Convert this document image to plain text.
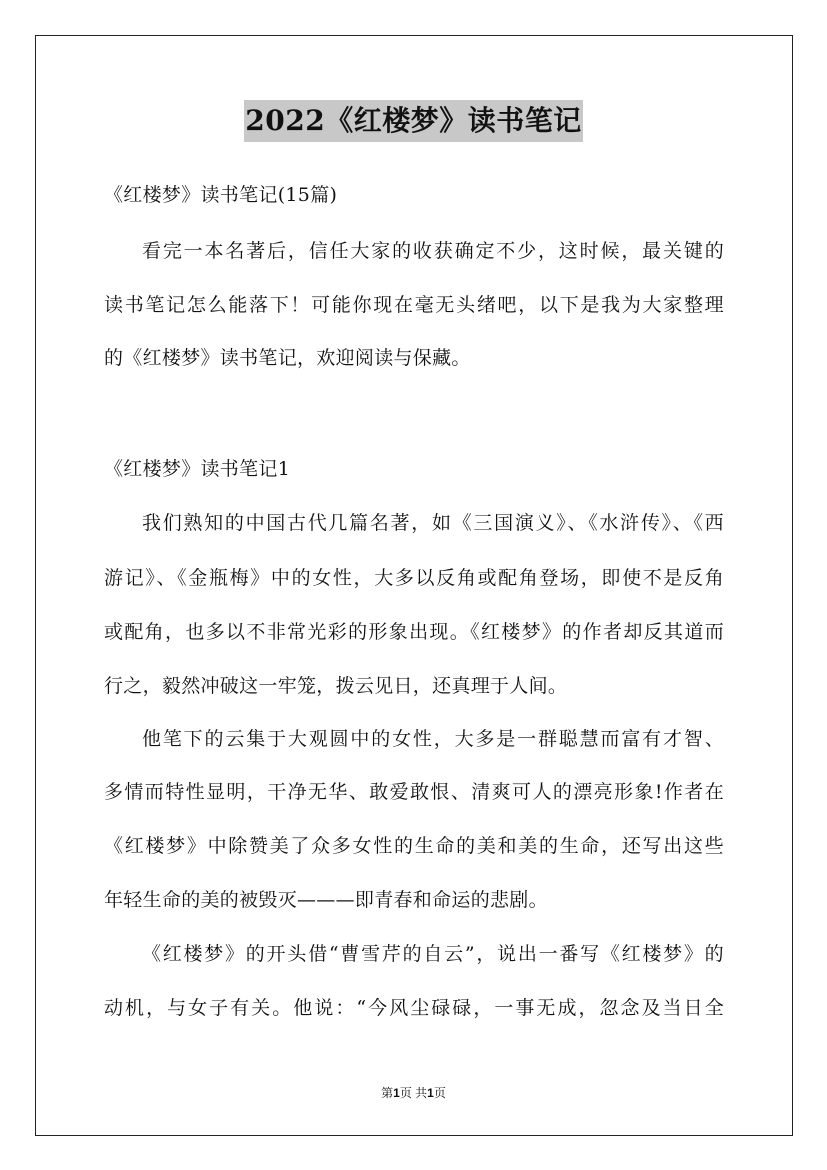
2022《红楼梦》读书笔记
《红楼梦》读书笔记(15篇)
看完一本名著后，信任大家的收获确定不少，这时候，最关键的
读书笔记怎么能落下！可能你现在毫无头绪吧，以下是我为大家整理
的《红楼梦》读书笔记，欢迎阅读与保藏。
《红楼梦》读书笔记1
我们熟知的中国古代几篇名著，如《三国演义》、《水浒传》、《西
游记》、《金瓶梅》中的女性，大多以反角或配角登场，即使不是反角
或配角，也多以不非常光彩的形象出现。《红楼梦》的作者却反其道而
行之，毅然冲破这一牢笼，拨云见日，还真理于人间。
他笔下的云集于大观圆中的女性，大多是一群聪慧而富有才智、
多情而特性显明，干净无华、敢爱敢恨、清爽可人的漂亮形象!作者在
《红楼梦》中除赞美了众多女性的生命的美和美的生命，还写出这些
年轻生命的美的被毁灭———即青春和命运的悲剧。
《红楼梦》的开头借“曹雪芹的自云”，说出一番写《红楼梦》的
动机，与女子有关。他说：“今风尘碌碌，一事无成，忽念及当日全
第1页 共1页
